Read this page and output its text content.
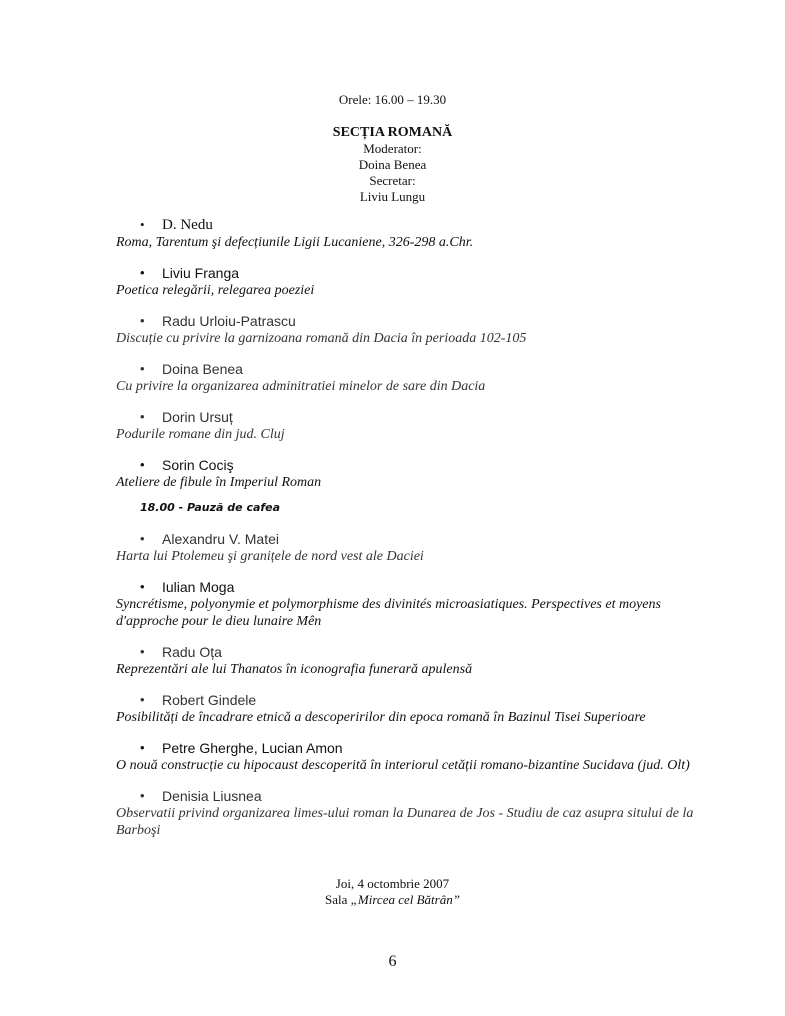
Orele: 16.00 – 19.30
SECȚIA ROMANĂ
Moderator:
Doina Benea
Secretar:
Liviu Lungu
• D. Nedu
Roma, Tarentum şi defecțiunile Ligii Lucaniene, 326-298 a.Chr.
• Liviu Franga
Poetica relegării, relegarea poeziei
• Radu Urloiu-Patrascu
Discuție cu privire la garnizoana romană din Dacia în perioada 102-105
• Doina Benea
Cu privire la organizarea adminitratiei minelor de sare din Dacia
• Dorin Ursuț
Podurile romane din jud. Cluj
• Sorin Cociş
Ateliere de fibule în Imperiul Roman
18.00 - Pauză de cafea
• Alexandru V. Matei
Harta lui Ptolemeu şi granițele de nord vest ale Daciei
• Iulian Moga
Syncrétisme, polyonymie et polymorphisme des divinités microasiatiques. Perspectives et moyens d'approche pour le dieu lunaire Mên
• Radu Oța
Reprezentări ale lui Thanatos în iconografia funerară apulensă
• Robert Gindele
Posibilități de încadrare etnică a descoperirilor din epoca romană în Bazinul Tisei Superioare
• Petre Gherghe, Lucian Amon
O nouă construcție cu hipocaust descoperită în interiorul cetății romano-bizantine Sucidava (jud. Olt)
• Denisia Liusnea
Observatii privind organizarea limes-ului roman la Dunarea de Jos - Studiu de caz asupra sitului de la Barboşi
Joi, 4 octombrie 2007
Sala „Mircea cel Bătrân”
6
